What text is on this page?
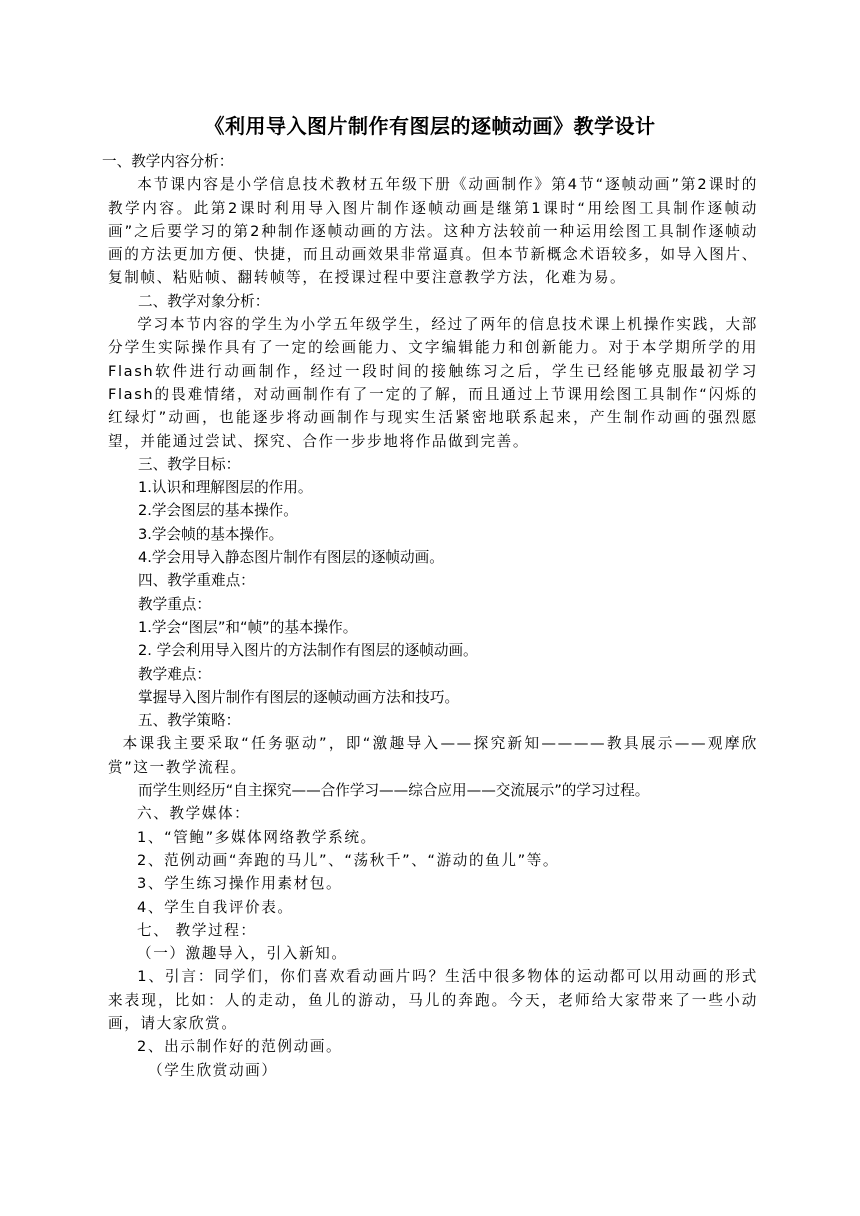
《利用导入图片制作有图层的逐帧动画》教学设计

一、教学内容分析：

本节课内容是小学信息技术教材五年级下册《动画制作》第4节“逐帧动画”第2课时的教学内容。此第2课时利用导入图片制作逐帧动画是继第1课时“用绘图工具制作逐帧动画”之后要学习的第2种制作逐帧动画的方法。这种方法较前一种运用绘图工具制作逐帧动画的方法更加方便、快捷，而且动画效果非常逼真。但本节新概念术语较多，如导入图片、复制帧、粘贴帧、翻转帧等，在授课过程中要注意教学方法，化难为易。

二、教学对象分析：

学习本节内容的学生为小学五年级学生，经过了两年的信息技术课上机操作实践，大部分学生实际操作具有了一定的绘画能力、文字编辑能力和创新能力。对于本学期所学的用Flash软件进行动画制作，经过一段时间的接触练习之后，学生已经能够克服最初学习Flash的畏难情绪，对动画制作有了一定的了解，而且通过上节课用绘图工具制作“闪烁的红绿灯”动画，也能逐步将动画制作与现实生活紧密地联系起来，产生制作动画的强烈愿望，并能通过尝试、探究、合作一步步地将作品做到完善。

三、教学目标：

1.认识和理解图层的作用。

2.学会图层的基本操作。

3.学会帧的基本操作。

4.学会用导入静态图片制作有图层的逐帧动画。

四、教学重难点：

教学重点：

1.学会“图层”和“帧”的基本操作。

2. 学会利用导入图片的方法制作有图层的逐帧动画。

教学难点：

掌握导入图片制作有图层的逐帧动画方法和技巧。

五、教学策略：

本课我主要采取“任务驱动”，即“激趣导入——探究新知————教具展示——观摩欣赏”这一教学流程。

而学生则经历“自主探究——合作学习——综合应用——交流展示”的学习过程。

六、教学媒体：

1、“管鲍”多媒体网络教学系统。

2、范例动画“奔跑的马儿”、“荡秋千”、“游动的鱼儿”等。

3、学生练习操作用素材包。

4、学生自我评价表。

七、 教学过程：

（一）激趣导入，引入新知。

1、引言：同学们，你们喜欢看动画片吗？生活中很多物体的运动都可以用动画的形式来表现，比如：人的走动，鱼儿的游动，马儿的奔跑。今天，老师给大家带来了一些小动画，请大家欣赏。

2、出示制作好的范例动画。

（学生欣赏动画）
